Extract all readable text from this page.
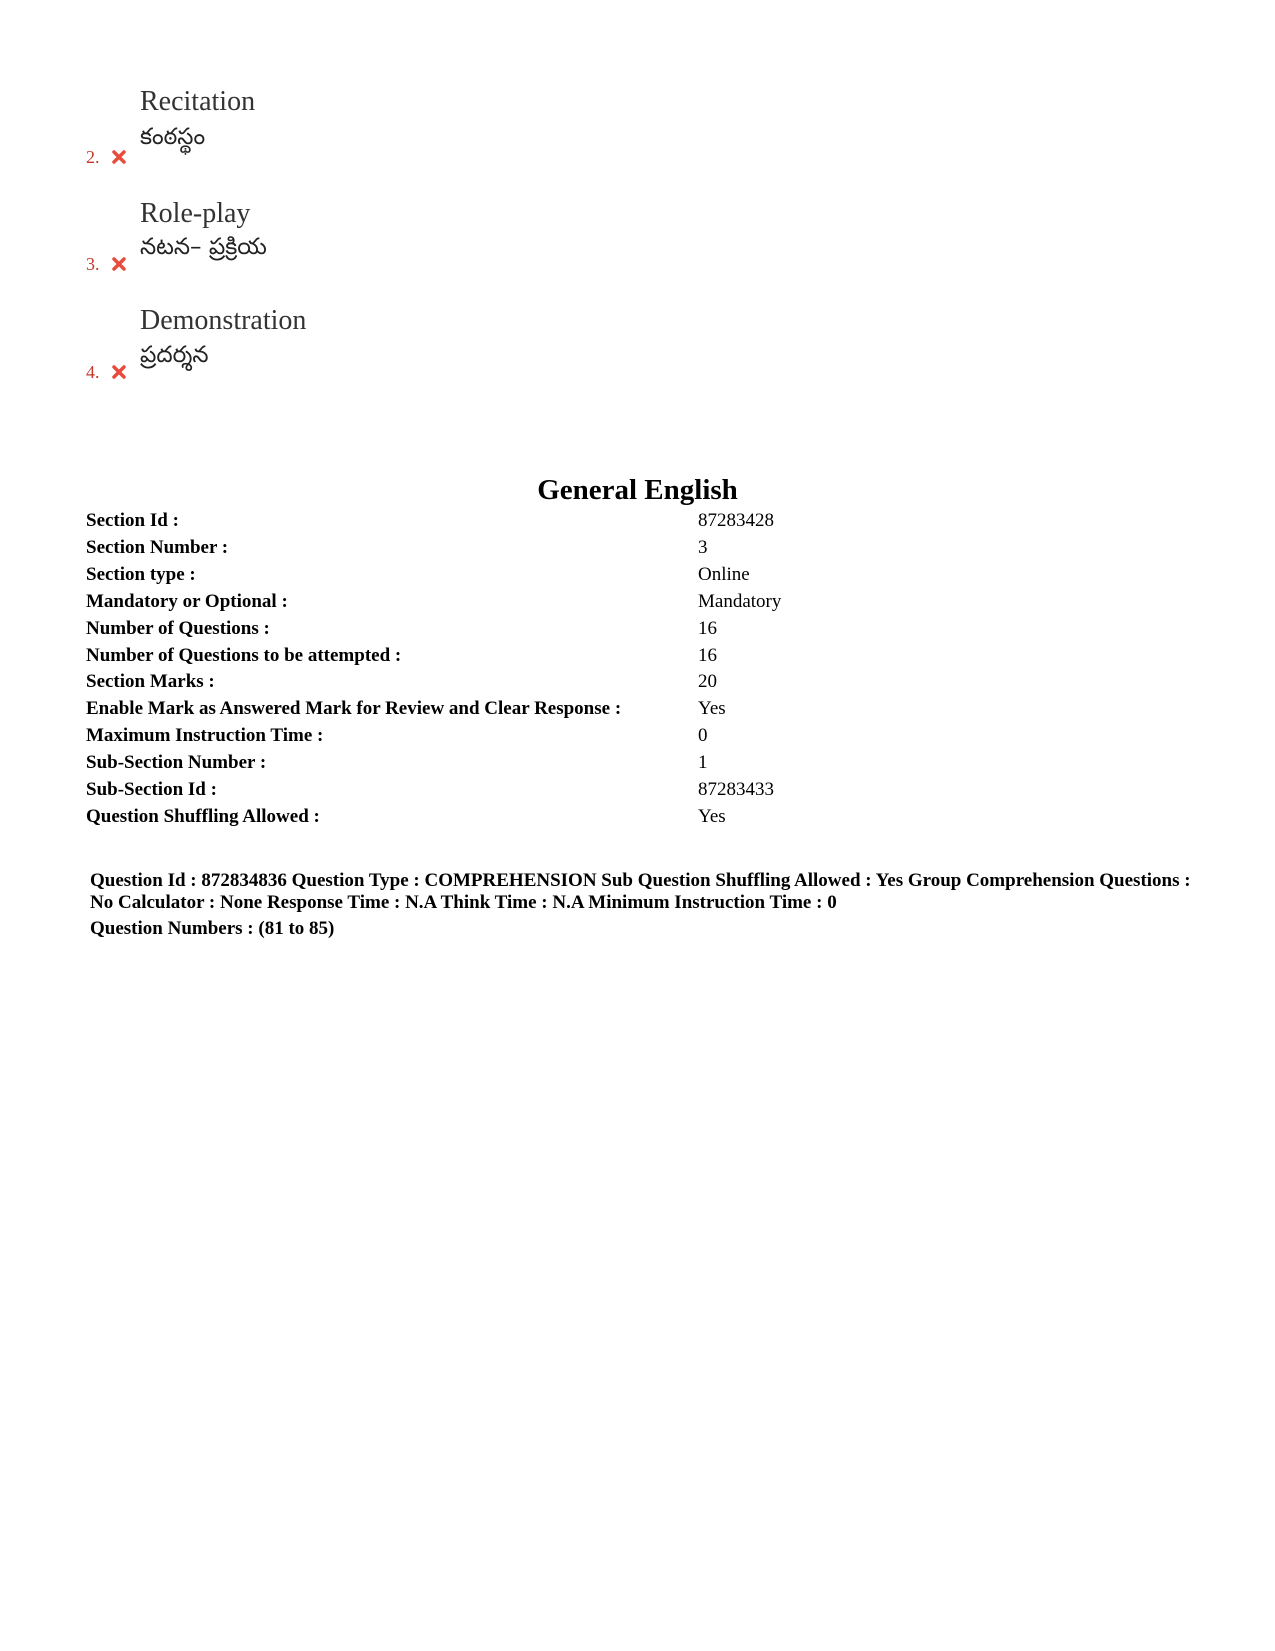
Recitation
కంఠస్థం
2.
Role-play
నటన– ప్రక్రియ
3.
Demonstration
ప్రదర్శన
4.
General English
Section Id :	87283428
Section Number :	3
Section type :	Online
Mandatory or Optional :	Mandatory
Number of Questions :	16
Number of Questions to be attempted :	16
Section Marks :	20
Enable Mark as Answered Mark for Review and Clear Response :	Yes
Maximum Instruction Time :	0
Sub-Section Number :	1
Sub-Section Id :	87283433
Question Shuffling Allowed :	Yes
Question Id : 872834836 Question Type : COMPREHENSION Sub Question Shuffling Allowed : Yes Group Comprehension Questions : No Calculator : None Response Time : N.A Think Time : N.A Minimum Instruction Time : 0
Question Numbers : (81 to 85)
